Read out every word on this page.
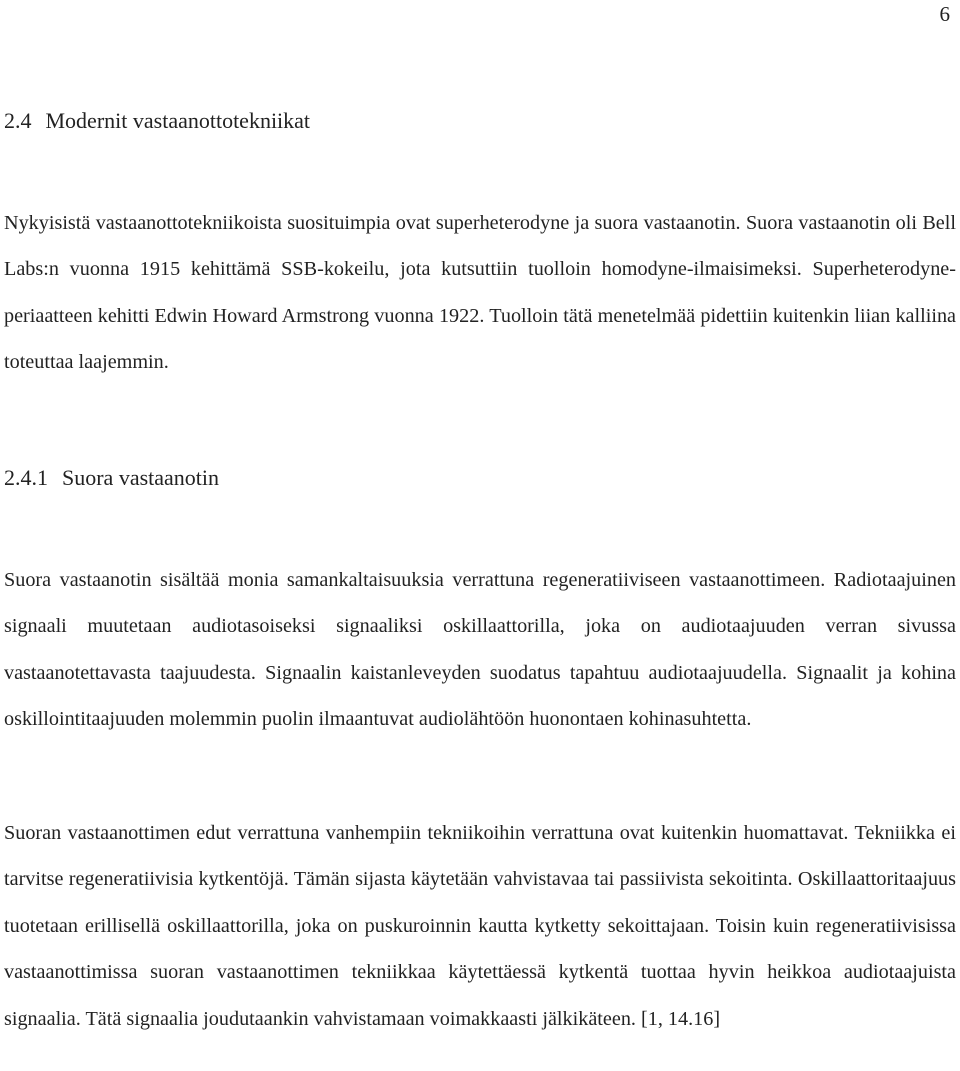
6
2.4 Modernit vastaanottotekniikat

Nykyisistä vastaanottotekniikoista suosituimpia ovat superheterodyne ja suora vastaanotin. Suora vastaanotin oli Bell Labs:n vuonna 1915 kehittämä SSB-kokeilu, jota kutsuttiin tuolloin homodyne-ilmaisimeksi. Superheterodyne-periaatteen kehitti Edwin Howard Armstrong vuonna 1922. Tuolloin tätä menetelmää pidettiin kuitenkin liian kalliina toteuttaa laajemmin.

2.4.1 Suora vastaanotin

Suora vastaanotin sisältää monia samankaltaisuuksia verrattuna regeneratiiviseen vastaanottimeen. Radiotaajuinen signaali muutetaan audiotasoiseksi signaaliksi oskillaattorilla, joka on audiotaajuuden verran sivussa vastaanotettavasta taajuudesta. Signaalin kaistanleveyden suodatus tapahtuu audiotaajuudella. Signaalit ja kohina oskillointitaajuuden molemmin puolin ilmaantuvat audiolähtöön huonontaen kohinasuhtetta.

Suoran vastaanottimen edut verrattuna vanhempiin tekniikoihin verrattuna ovat kuitenkin huomattavat. Tekniikka ei tarvitse regeneratiivisia kytkentöjä. Tämän sijasta käytetään vahvistavaa tai passiivista sekoitinta. Oskillaattoritaajuus tuotetaan erillisellä oskillaattorilla, joka on puskuroinnin kautta kytketty sekoittajaan. Toisin kuin regeneratiivisissa vastaanottimissa suoran vastaanottimen tekniikkaa käytettäessä kytkentä tuottaa hyvin heikkoa audiotaajuista signaalia. Tätä signaalia joudutaankin vahvistamaan voimakkaasti jälkikäteen. [1, 14.16]
